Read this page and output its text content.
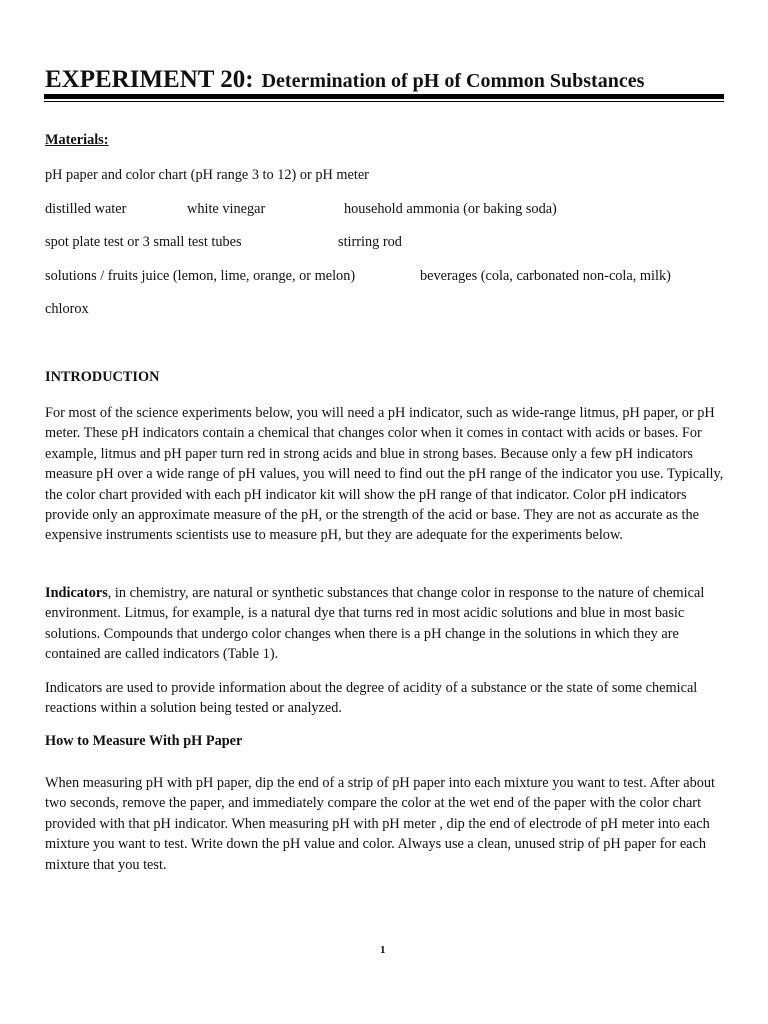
EXPERIMENT 20: Determination of pH of Common Substances
Materials:
pH paper and color chart (pH range 3 to 12) or pH meter
distilled water	white vinegar	household ammonia (or baking soda)
spot plate test or 3 small test tubes	stirring rod
solutions / fruits juice (lemon, lime, orange, or melon)	beverages (cola, carbonated non-cola, milk)
chlorox
INTRODUCTION

For most of the science experiments below, you will need a pH indicator, such as wide-range litmus, pH paper, or pH meter. These pH indicators contain a chemical that changes color when it comes in contact with acids or bases. For example, litmus and pH paper turn red in strong acids and blue in strong bases. Because only a few pH indicators measure pH over a wide range of pH values, you will need to find out the pH range of the indicator you use. Typically, the color chart provided with each pH indicator kit will show the pH range of that indicator. Color pH indicators provide only an approximate measure of the pH, or the strength of the acid or base. They are not as accurate as the expensive instruments scientists use to measure pH, but they are adequate for the experiments below.

Indicators, in chemistry, are natural or synthetic substances that change color in response to the nature of chemical environment. Litmus, for example, is a natural dye that turns red in most acidic solutions and blue in most basic solutions. Compounds that undergo color changes when there is a pH change in the solutions in which they are contained are called indicators (Table 1).

Indicators are used to provide information about the degree of acidity of a substance or the state of some chemical reactions within a solution being tested or analyzed.

How to Measure With pH Paper

When measuring pH with pH paper, dip the end of a strip of pH paper into each mixture you want to test. After about two seconds, remove the paper, and immediately compare the color at the wet end of the paper with the color chart provided with that pH indicator. When measuring pH with pH meter , dip the end of electrode of pH meter into each mixture you want to test. Write down the pH value and color. Always use a clean, unused strip of pH paper for each mixture that you test.

1
